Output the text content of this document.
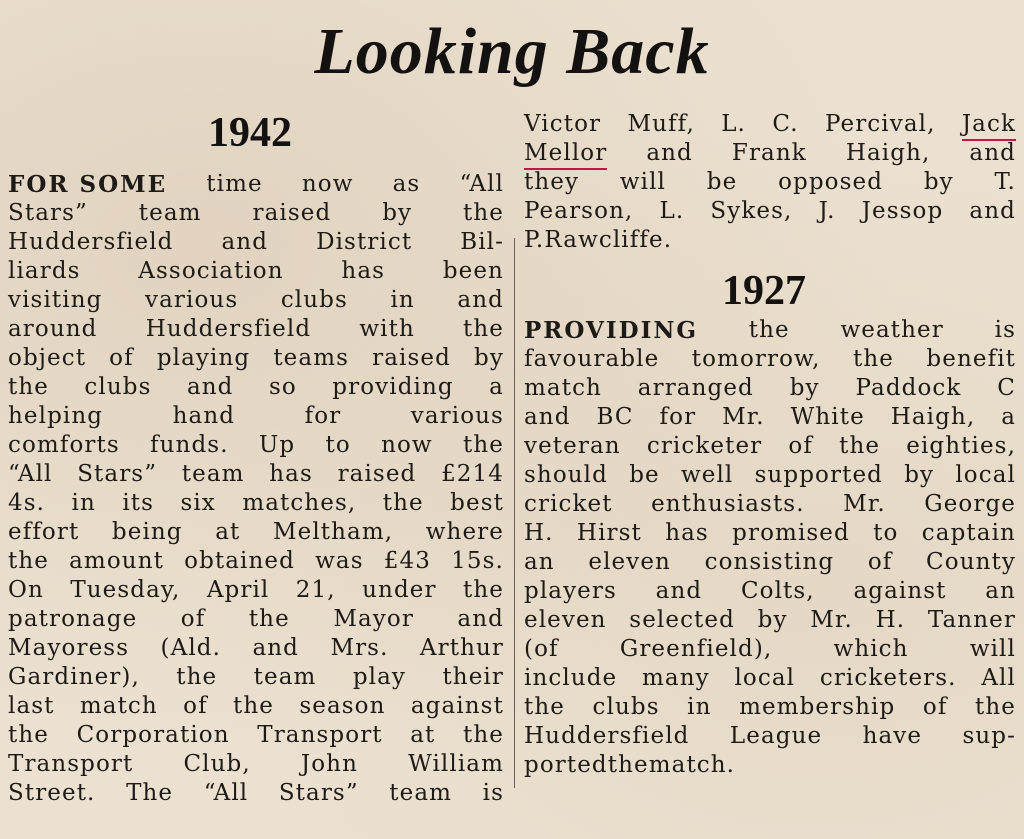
Looking Back
1942
FOR SOME time now as “All
Stars” team raised by the
Huddersfield and District Bil-
liards	Association	has	been
visiting various clubs in and
around Huddersfield with the
object of playing teams raised by
the clubs and so providing a
helping	hand	for	various
comforts funds. Up to now the
“All Stars” team has raised £214
4s. in its six matches, the best
effort being at Meltham, where
the amount obtained was £43 15s.
On Tuesday, April 21, under the
patronage of the Mayor and
Mayoress (Ald. and Mrs. Arthur
Gardiner), the team play their
last match of the season against
the Corporation Transport at the
Transport Club, John William
Street. The “All Stars” team is
Victor Muff, L. C. Percival, Jack
Mellor and Frank Haigh, and
they will be opposed by T.
Pearson, L. Sykes, J. Jessop and
P. Rawcliffe.
1927
PROVIDING the weather is
favourable tomorrow, the benefit
match arranged by Paddock C
and BC for Mr. White Haigh, a
veteran cricketer of the eighties,
should be well supported by local
cricket enthusiasts. Mr. George
H. Hirst has promised to captain
an eleven consisting of County
players and Colts, against an
eleven selected by Mr. H. Tanner
(of	Greenfield),	which	will
include many local cricketers. All
the clubs in membership of the
Huddersfield League have sup-
ported the match.
